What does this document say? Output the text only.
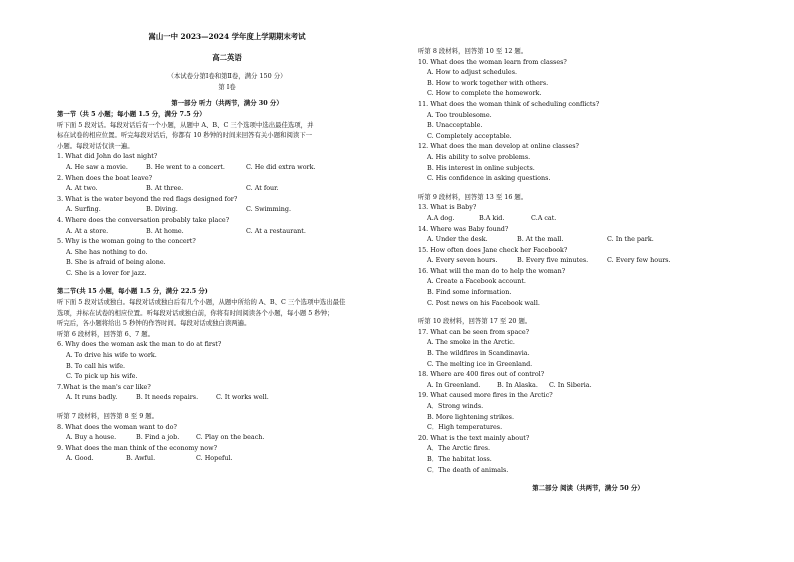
嵩山一中 2023—2024 学年度上学期期末考试
高二英语
（本试卷分第Ⅰ卷和第Ⅱ卷，满分 150 分）
第 Ⅰ卷
第一部分 听力（共两节，满分 30 分）
第一节（共 5 小题；每小题 1.5 分，满分 7.5 分）
听下面 5 段对话。每段对话后有一个小题，从题中 A、B、C 三个选项中选出最佳选项，并
标在试卷的相应位置。听完每段对话后，你都有 10 秒钟的时间来回答有关小题和阅读下一
小题。每段对话仅读一遍。
1. What did John do last night?
A. He saw a movie.	B. He went to a concert.	C. He did extra work.
2. When does the boat leave?
A. At two.	B. At three.	C. At four.
3. What is the water beyond the red flags designed for?
A. Surfing.	B. Diving.	C. Swimming.
4. Where does the conversation probably take place?
A. At a store.	B. At home.	C. At a restaurant.
5. Why is the woman going to the concert?
A. She has nothing to do.
B. She is afraid of being alone.
C. She is a lover for jazz.
第二节(共 15 小题，每小题 1.5 分，满分 22.5 分)
听下面 5 段对话或独白。每段对话或独白后有几个小题，从题中所给的 A、B、C 三个选项中选出最佳
选项，并标在试卷的相应位置。听每段对话或独白前，你将有时间阅读各个小题，每小题 5 秒钟；
听完后，各小题将给出 5 秒钟的作答时间。每段对话或独白读两遍。
听第 6 段材料，回答第 6、7 题。
6. Why does the woman ask the man to do at first?
A. To drive his wife to work.
B. To call his wife.
C. To pick up his wife.
7.What is the man's car like?
A. It runs badly.	B. It needs repairs.	C. It works well.
听第 7 段材料，回答第 8 至 9 题。
8. What does the woman want to do?
A. Buy a house.	B. Find a job.	C. Play on the beach.
9. What does the man think of the economy now?
A. Good.	B. Awful.	C. Hopeful.
听第 8 段材料，回答第 10 至 12 题。
10. What does the woman learn from classes?
A. How to adjust schedules.
B. How to work together with others.
C. How to complete the homework.
11. What does the woman think of scheduling conflicts?
A. Too troublesome.
B. Unacceptable.
C. Completely acceptable.
12. What does the man develop at online classes?
A. His ability to solve problems.
B. His interest in online subjects.
C. His confidence in asking questions.
听第 9 段材料，回答第 13 至 16 题。
13. What is Baby?
A.A dog.	B.A kid.	C.A cat.
14. Where was Baby found?
A. Under the desk.	B. At the mall.	C. In the park.
15. How often does Jane check her Facebook?
A. Every seven hours.	B. Every five minutes.	C. Every few hours.
16. What will the man do to help the woman?
A. Create a Facebook account.
B. Find some information.
C. Post news on his Facebook wall.
听第 10 段材料，回答第 17 至 20 题。
17. What can be seen from space?
A. The smoke in the Arctic.
B. The wildfires in Scandinavia.
C. The melting ice in Greenland.
18. Where are 400 fires out of control?
A. In Greenland.	B. In Alaska.	C. In Siberia.
19. What caused more fires in the Arctic?
A．Strong winds.
B. More lightening strikes.
C．High temperatures.
20. What is the text mainly about?
A．The Arctic fires.
B．The habitat loss.
C．The death of animals.
第二部分 阅读（共两节，满分 50 分）
